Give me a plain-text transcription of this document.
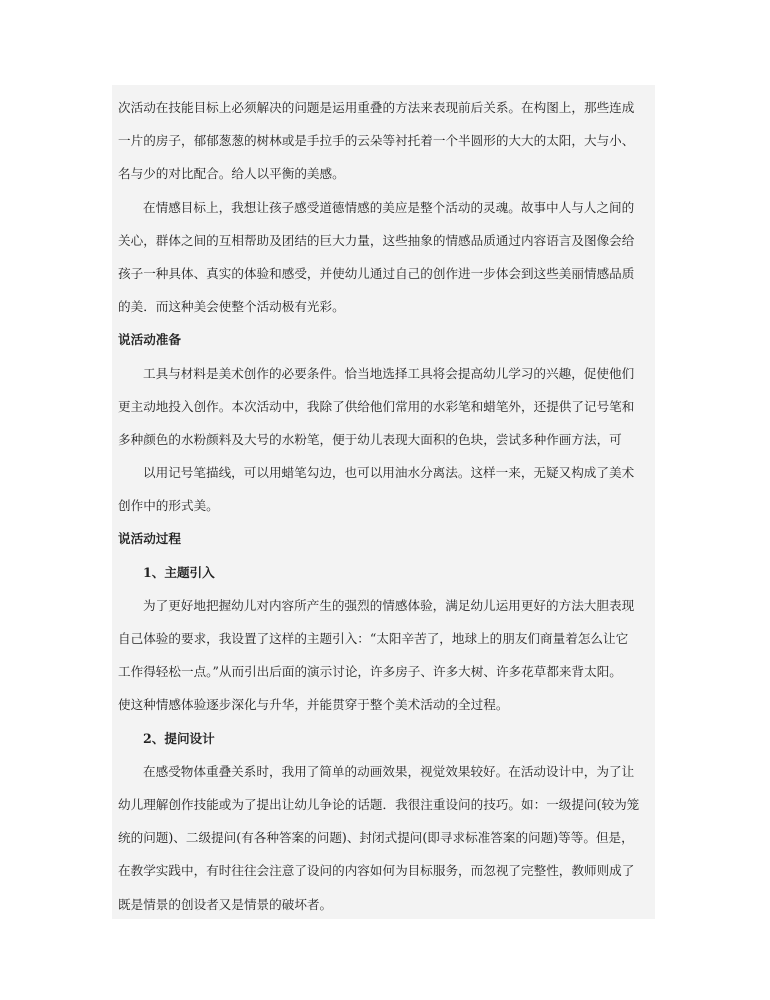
次活动在技能目标上必须解决的问题是运用重叠的方法来表现前后关系。在构图上，那些连成
一片的房子，郁郁葱葱的树林或是手拉手的云朵等衬托着一个半圆形的大大的太阳，大与小、
名与少的对比配合。给人以平衡的美感。
在情感目标上，我想让孩子感受道德情感的美应是整个活动的灵魂。故事中人与人之间的
关心，群体之间的互相帮助及团结的巨大力量，这些抽象的情感品质通过内容语言及图像会给
孩子一种具体、真实的体验和感受，并使幼儿通过自己的创作进一步体会到这些美丽情感品质
的美．而这种美会使整个活动极有光彩。
说活动准备
工具与材料是美术创作的必要条件。恰当地选择工具将会提高幼儿学习的兴趣，促使他们
更主动地投入创作。本次活动中，我除了供给他们常用的水彩笔和蜡笔外，还提供了记号笔和
多种颜色的水粉颜料及大号的水粉笔，便于幼儿表现大面积的色块，尝试多种作画方法，可
以用记号笔描线，可以用蜡笔勾边，也可以用油水分离法。这样一来，无疑又构成了美术
创作中的形式美。
说活动过程
1、主题引入
为了更好地把握幼儿对内容所产生的强烈的情感体验，满足幼儿运用更好的方法大胆表现
自己体验的要求，我设置了这样的主题引入：“太阳辛苦了，地球上的朋友们商量着怎么让它
工作得轻松一点。”从而引出后面的演示讨论，许多房子、许多大树、许多花草都来背太阳。
使这种情感体验逐步深化与升华，并能贯穿于整个美术活动的全过程。
2、提问设计
在感受物体重叠关系时，我用了简单的动画效果，视觉效果较好。在活动设计中，为了让
幼儿理解创作技能或为了提出让幼儿争论的话题．我很注重设问的技巧。如：一级提问(较为笼
统的问题)、二级提问(有各种答案的问题)、封闭式提问(即寻求标准答案的问题)等等。但是，
在教学实践中，有时往往会注意了设问的内容如何为目标服务，而忽视了完整性，教师则成了
既是情景的创设者又是情景的破坏者。
